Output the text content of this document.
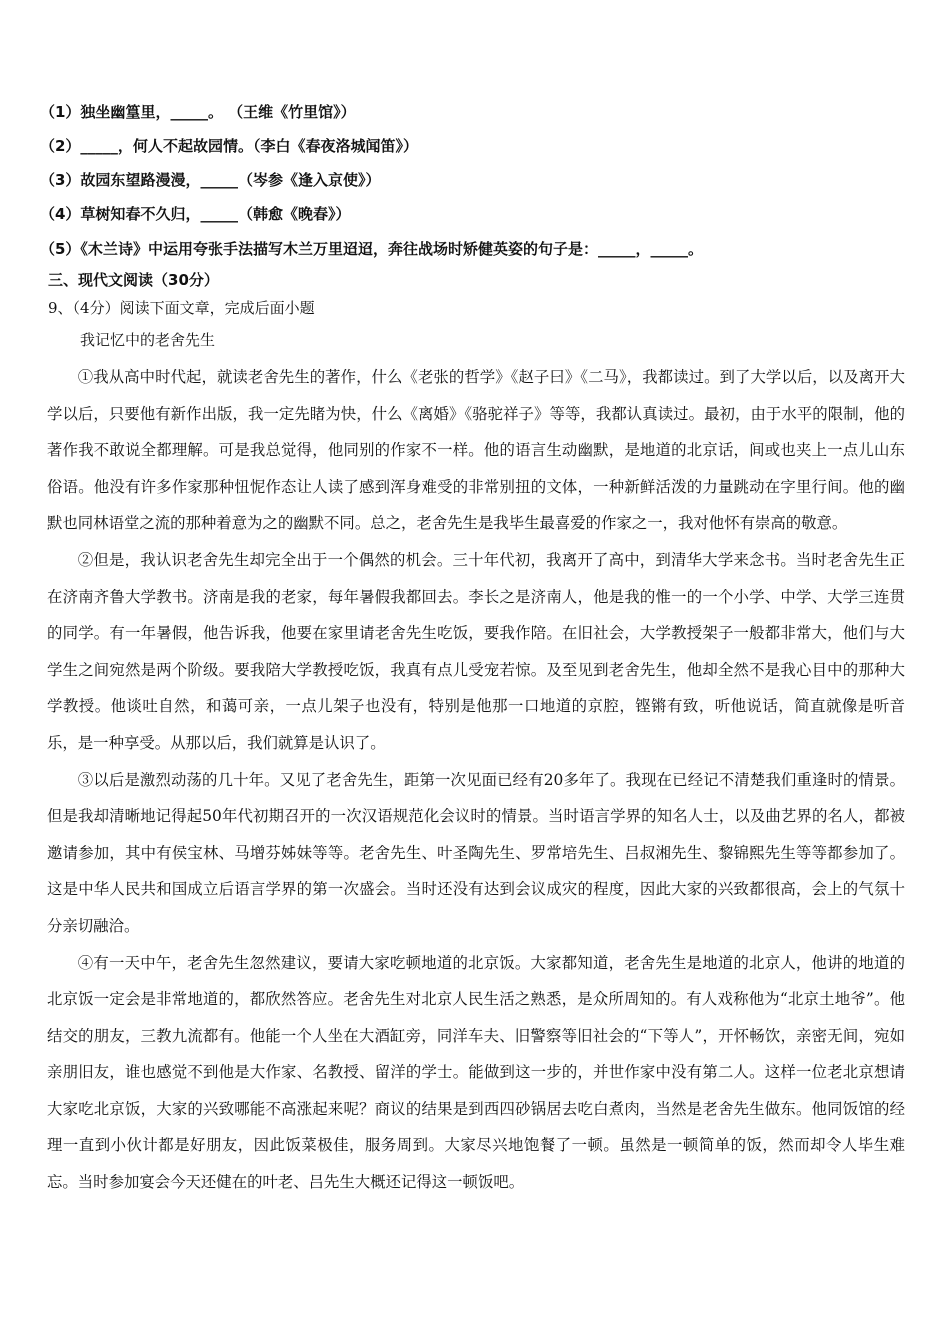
（1）独坐幽篁里，_____。 （王维《竹里馆》）
（2）_____，何人不起故园情。（李白《春夜洛城闻笛》）
（3）故园东望路漫漫，_____（岑参《逢入京使》）
（4）草树知春不久归，_____（韩愈《晚春》）
（5）《木兰诗》中运用夸张手法描写木兰万里迢迢，奔往战场时矫健英姿的句子是：_____，_____。
三、现代文阅读（30分）
9、（4分）阅读下面文章，完成后面小题
我记忆中的老舍先生

①我从高中时代起，就读老舍先生的著作，什么《老张的哲学》《赵子曰》《二马》，我都读过。到了大学以后，以及离开大学以后，只要他有新作出版，我一定先睹为快，什么《离婚》《骆驼祥子》等等，我都认真读过。最初，由于水平的限制，他的著作我不敢说全都理解。可是我总觉得，他同别的作家不一样。他的语言生动幽默，是地道的北京话，间或也夹上一点儿山东俗语。他没有许多作家那种忸怩作态让人读了感到浑身难受的非常别扭的文体，一种新鲜活泼的力量跳动在字里行间。他的幽默也同林语堂之流的那种着意为之的幽默不同。总之，老舍先生是我毕生最喜爱的作家之一，我对他怀有崇高的敬意。

②但是，我认识老舍先生却完全出于一个偶然的机会。三十年代初，我离开了高中，到清华大学来念书。当时老舍先生正在济南齐鲁大学教书。济南是我的老家，每年暑假我都回去。李长之是济南人，他是我的惟一的一个小学、中学、大学三连贯的同学。有一年暑假，他告诉我，他要在家里请老舍先生吃饭，要我作陪。在旧社会，大学教授架子一般都非常大，他们与大学生之间宛然是两个阶级。要我陪大学教授吃饭，我真有点儿受宠若惊。及至见到老舍先生，他却全然不是我心目中的那种大学教授。他谈吐自然，和蔼可亲，一点儿架子也没有，特别是他那一口地道的京腔，铿锵有致，听他说话，简直就像是听音乐，是一种享受。从那以后，我们就算是认识了。

③以后是激烈动荡的几十年。又见了老舍先生，距第一次见面已经有20多年了。我现在已经记不清楚我们重逢时的情景。但是我却清晰地记得起50年代初期召开的一次汉语规范化会议时的情景。当时语言学界的知名人士，以及曲艺界的名人，都被邀请参加，其中有侯宝林、马增芬姊妹等等。老舍先生、叶圣陶先生、罗常培先生、吕叔湘先生、黎锦熙先生等等都参加了。这是中华人民共和国成立后语言学界的第一次盛会。当时还没有达到会议成灾的程度，因此大家的兴致都很高，会上的气氛十分亲切融洽。

④有一天中午，老舍先生忽然建议，要请大家吃顿地道的北京饭。大家都知道，老舍先生是地道的北京人，他讲的地道的北京饭一定会是非常地道的，都欣然答应。老舍先生对北京人民生活之熟悉，是众所周知的。有人戏称他为“北京土地爷”。他结交的朋友，三教九流都有。他能一个人坐在大酒缸旁，同洋车夫、旧警察等旧社会的“下等人”，开怀畅饮，亲密无间，宛如亲朋旧友，谁也感觉不到他是大作家、名教授、留洋的学士。能做到这一步的，并世作家中没有第二人。这样一位老北京想请大家吃北京饭，大家的兴致哪能不高涨起来呢？商议的结果是到西四砂锅居去吃白煮肉，当然是老舍先生做东。他同饭馆的经理一直到小伙计都是好朋友，因此饭菜极佳，服务周到。大家尽兴地饱餐了一顿。虽然是一顿简单的饭，然而却令人毕生难忘。当时参加宴会今天还健在的叶老、吕先生大概还记得这一顿饭吧。
